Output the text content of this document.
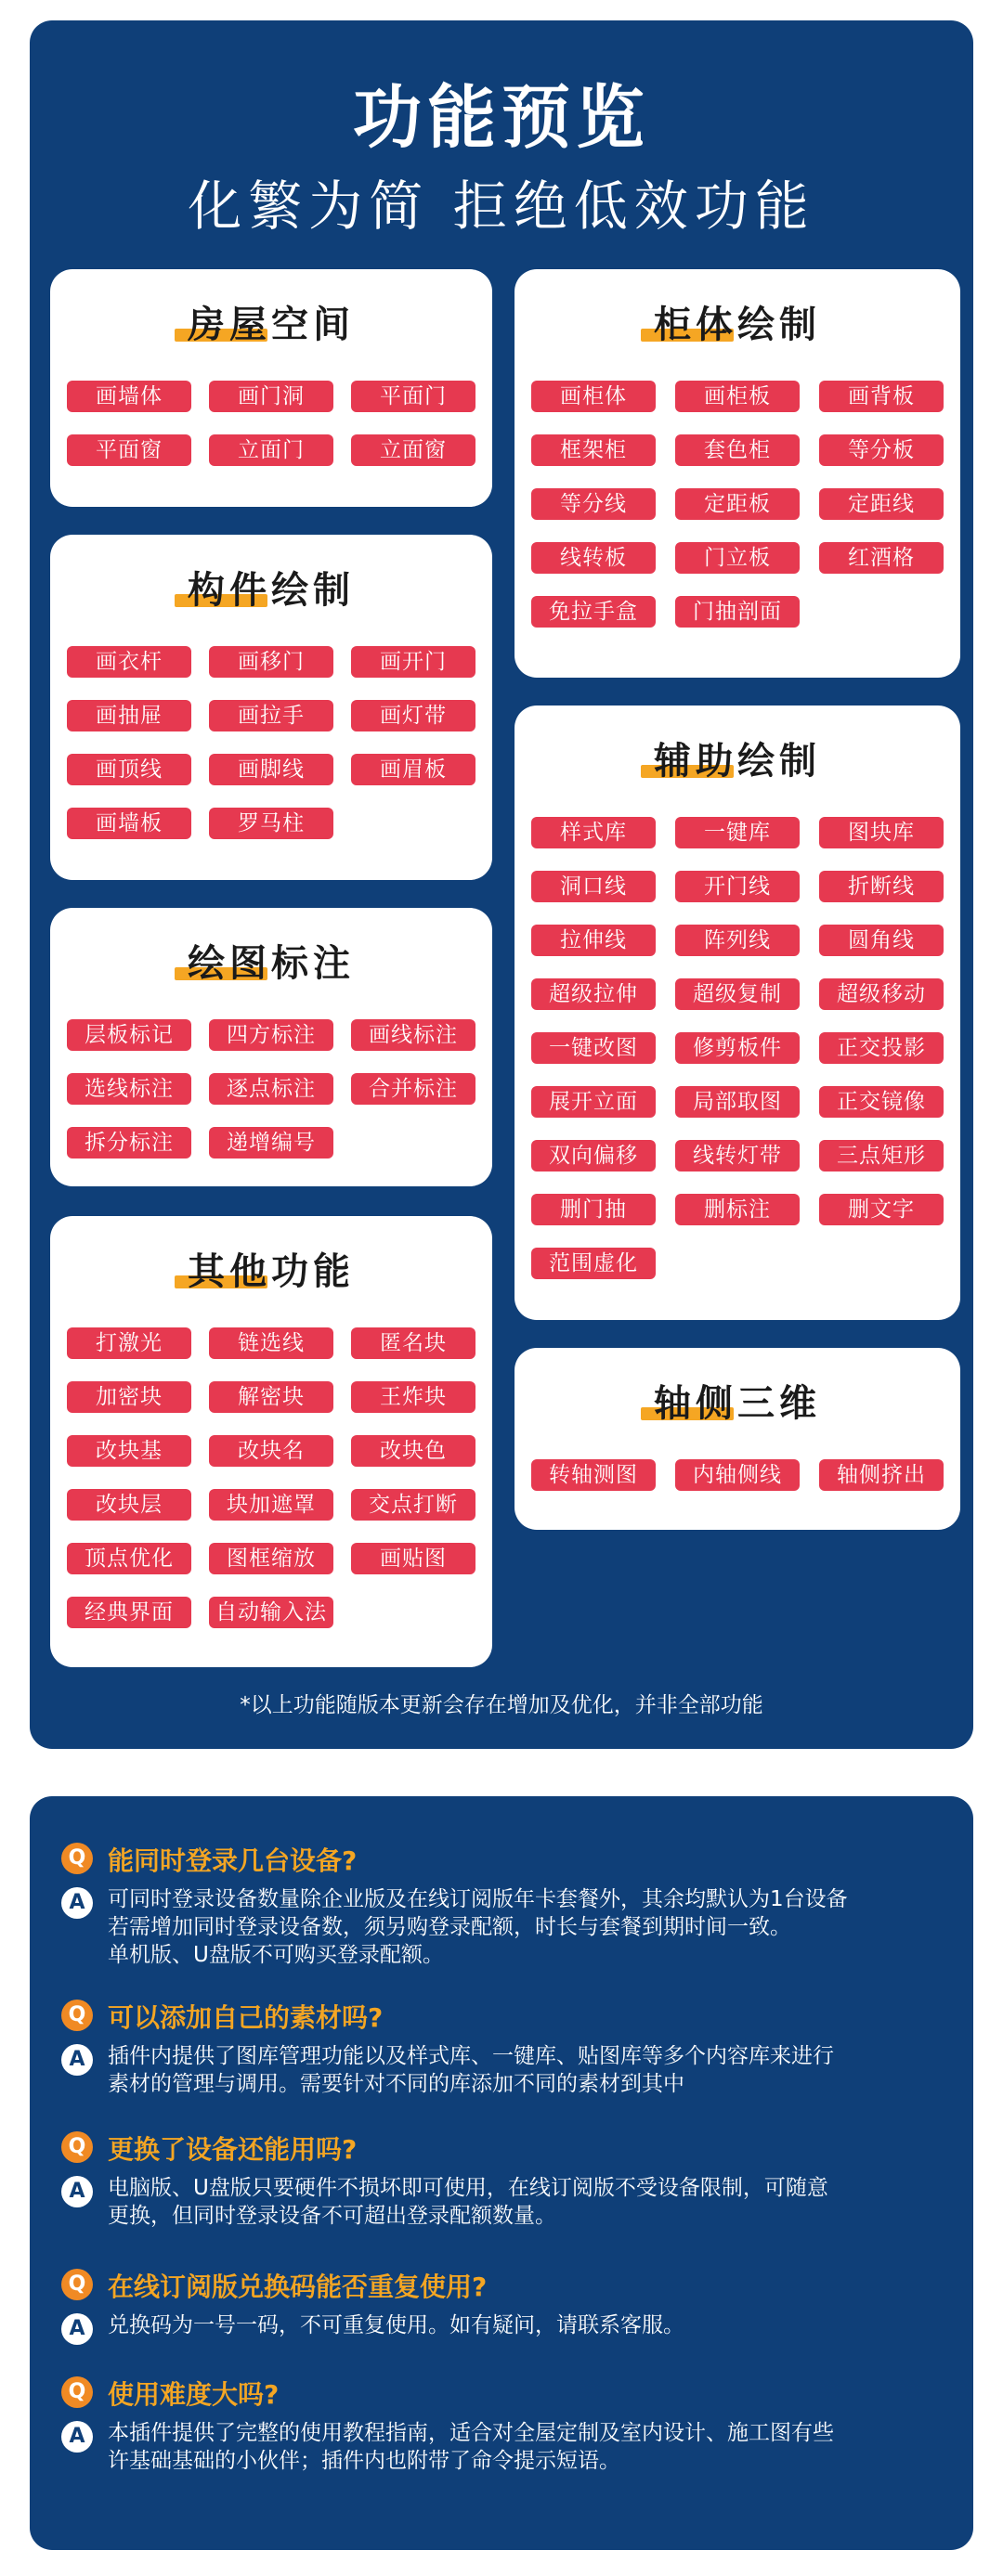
功能预览
化繁为简 拒绝低效功能
房屋空间
画墙体	画门洞	平面门
平面窗	立面门	立面窗
柜体绘制
画柜体	画柜板	画背板
框架柜	套色柜	等分板
等分线	定距板	定距线
线转板	门立板	红酒格
免拉手盒	门抽剖面
构件绘制
画衣杆	画移门	画开门
画抽屉	画拉手	画灯带
画顶线	画脚线	画眉板
画墙板	罗马柱
辅助绘制
样式库	一键库	图块库
洞口线	开门线	折断线
拉伸线	阵列线	圆角线
超级拉伸	超级复制	超级移动
一键改图	修剪板件	正交投影
展开立面	局部取图	正交镜像
双向偏移	线转灯带	三点矩形
删门抽	删标注	删文字
范围虚化
绘图标注
层板标记	四方标注	画线标注
选线标注	逐点标注	合并标注
拆分标注	递增编号
轴侧三维
转轴测图	内轴侧线	轴侧挤出
其他功能
打激光	链选线	匿名块
加密块	解密块	王炸块
改块基	改块名	改块色
改块层	块加遮罩	交点打断
顶点优化	图框缩放	画贴图
经典界面	自动输入法
*以上功能随版本更新会存在增加及优化，并非全部功能
Q 能同时登录几台设备?
A	可同时登录设备数量除企业版及在线订阅版年卡套餐外，其余均默认为1台设备
若需增加同时登录设备数，须另购登录配额，时长与套餐到期时间一致。
单机版、U盘版不可购买登录配额。
Q 可以添加自己的素材吗?
A	插件内提供了图库管理功能以及样式库、一键库、贴图库等多个内容库来进行
素材的管理与调用。需要针对不同的库添加不同的素材到其中
Q 更换了设备还能用吗?
A	电脑版、U盘版只要硬件不损坏即可使用，在线订阅版不受设备限制，可随意
更换，但同时登录设备不可超出登录配额数量。
Q 在线订阅版兑换码能否重复使用?
A	兑换码为一号一码，不可重复使用。如有疑问，请联系客服。
Q 使用难度大吗?
A	本插件提供了完整的使用教程指南，适合对全屋定制及室内设计、施工图有些
许基础基础的小伙伴；插件内也附带了命令提示短语。
